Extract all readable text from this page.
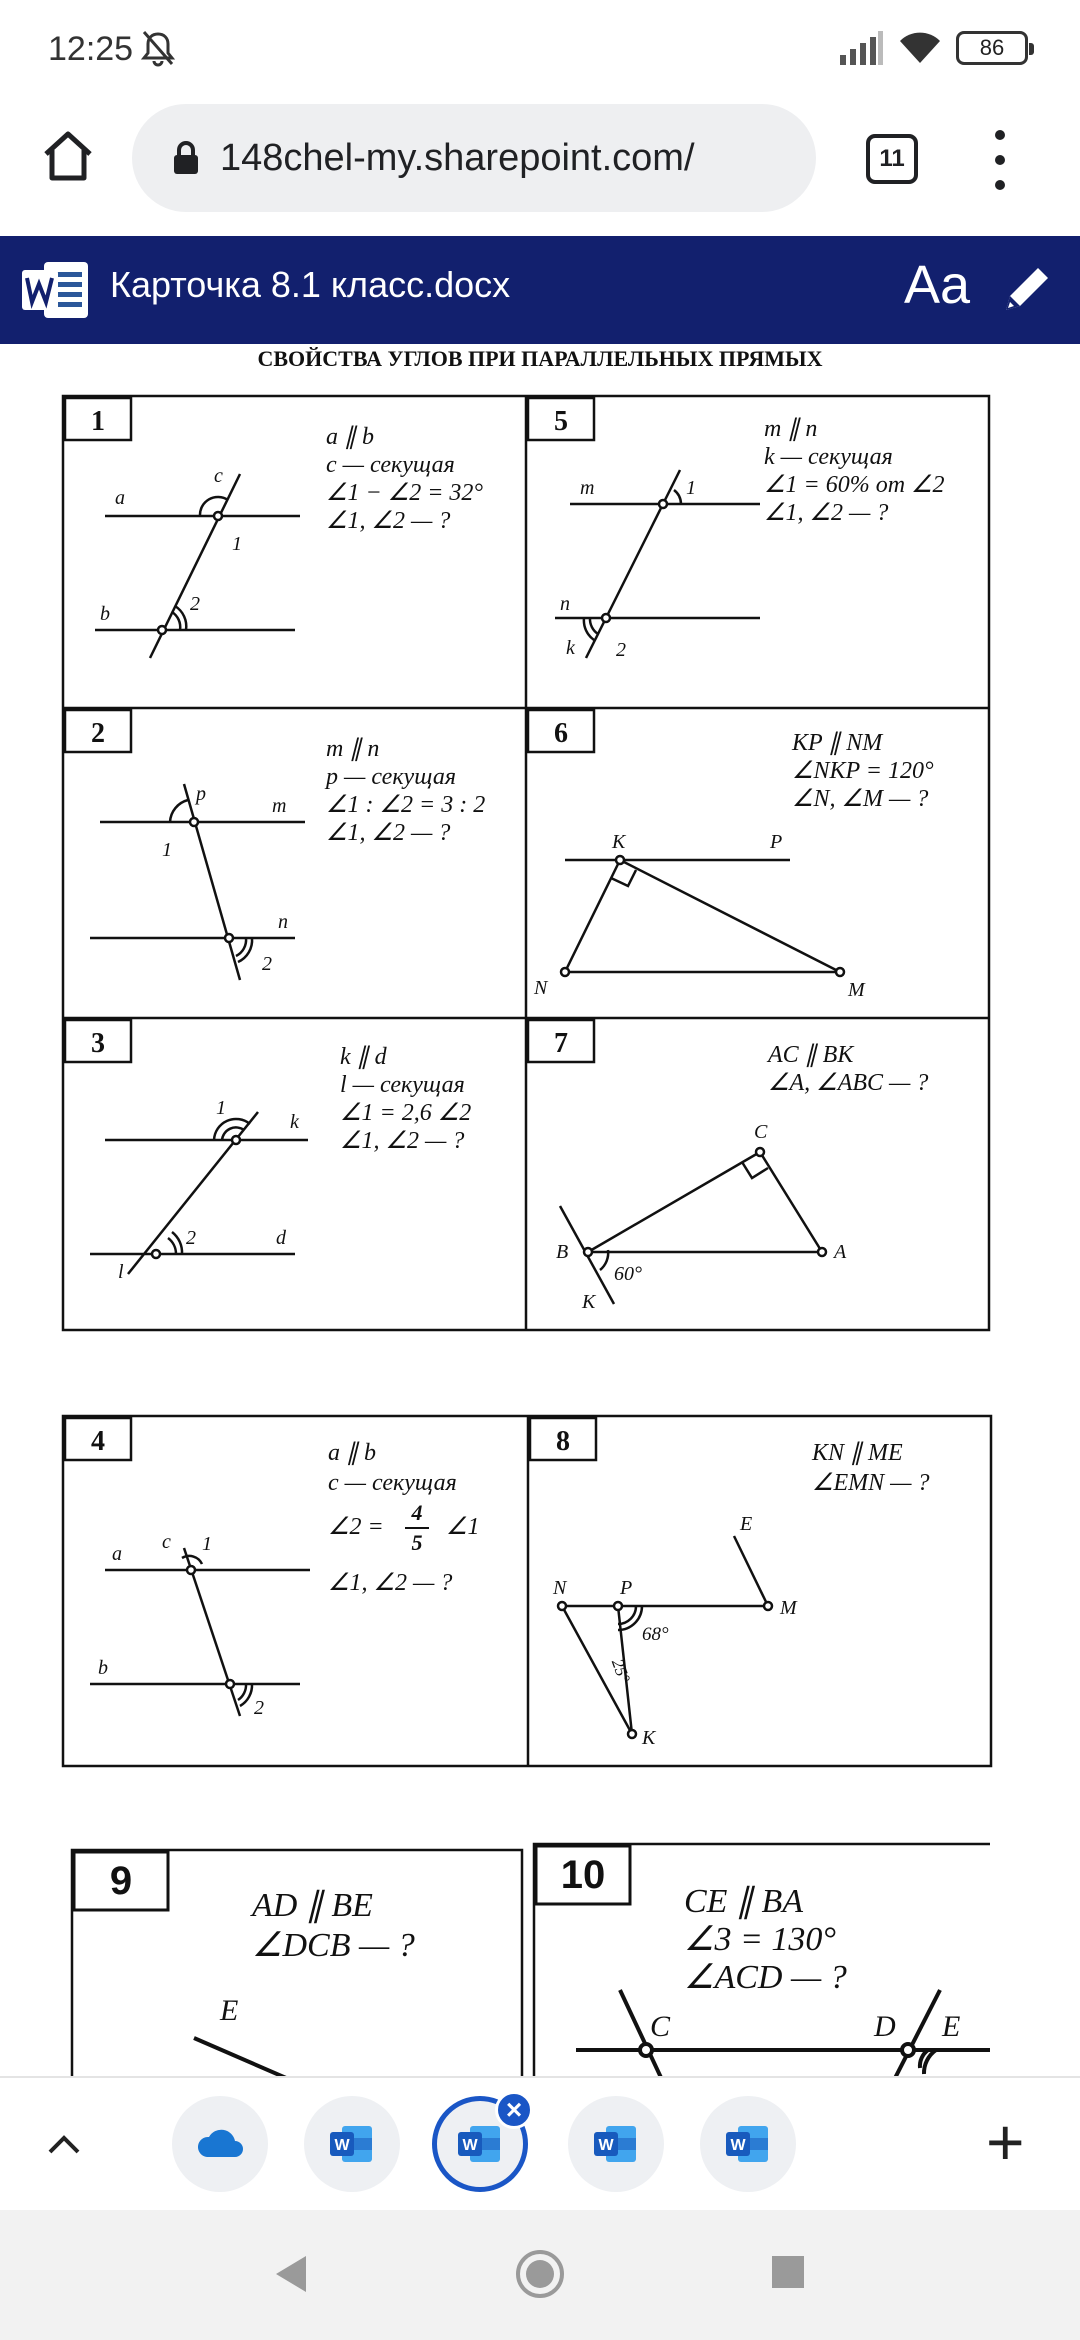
12:25	86
148chel-my.sharepoint.com/	11
Карточка 8.1 класс.docx	Aa
СВОЙСТВА УГЛОВ ПРИ ПАРАЛЛЕЛЬНЫХ ПРЯМЫХ
1	a ∥ b
c — секущая
∠1 − ∠2 = 32°
∠1, ∠2 — ?
a
b
c
1
2
5	m ∥ n
k — секущая
∠1 = 60% от ∠2
∠1, ∠2 — ?
m
n
k
1
2
2	m ∥ n
p — секущая
∠1 : ∠2 = 3 : 2
∠1, ∠2 — ?
p
m
n
1
2
6	KP ∥ NM
∠NKP = 120°
∠N, ∠M — ?
K	P
N	M
3	k ∥ d
l — секущая
∠1 = 2,6 ∠2
∠1, ∠2 — ?
1
k
2	d
l
7	AC ∥ BK
∠A, ∠ABC — ?
C
B	A
K
60°
4	a ∥ b
c — секущая
∠2 =
4
5
∠1
∠1, ∠2 — ?
a
b
c 1
2
8	KN ∥ ME
∠EMN — ?
E
N	P
M
68°
25°
K
9
AD ∥ BE
∠DCB — ?
E
10
CE ∥ BA
∠3 = 130°
∠ACD — ?
C	D E
W	W
×
W	W	+
